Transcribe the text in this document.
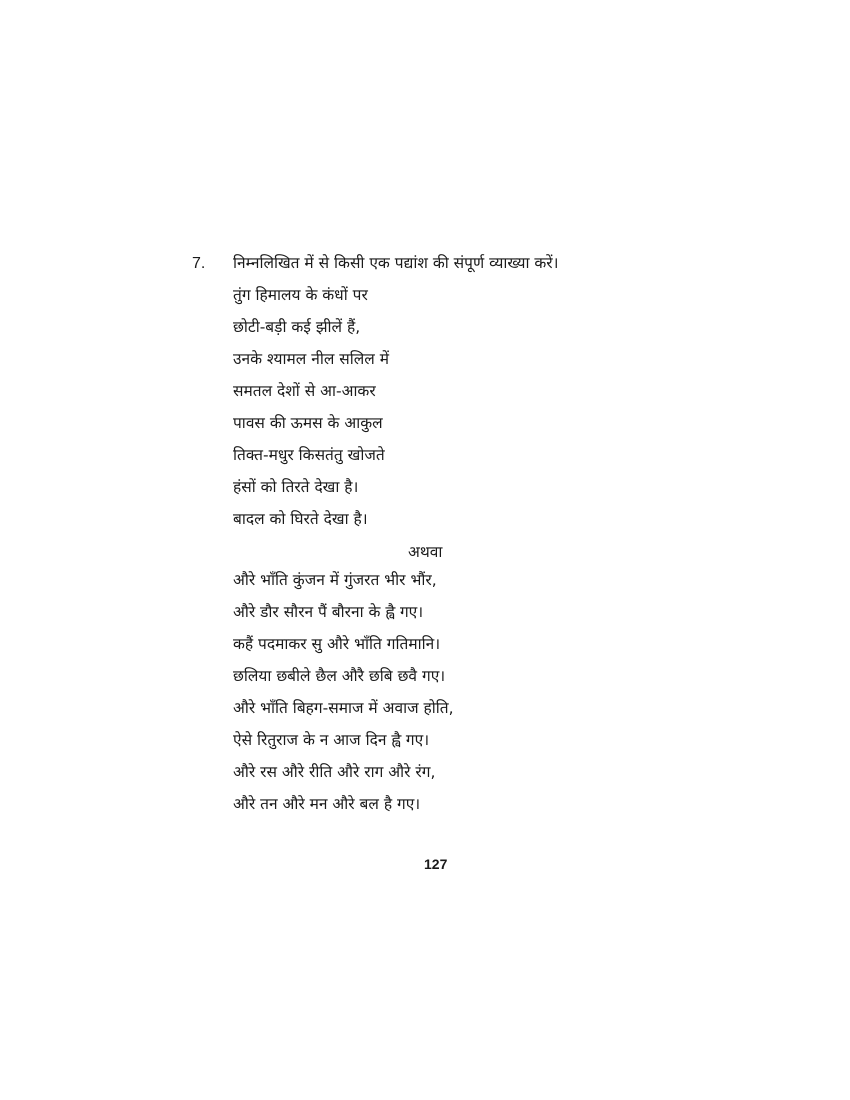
7. निम्नलिखित में से किसी एक पद्यांश की संपूर्ण व्याख्या करें।
तुंग हिमालय के कंधों पर
छोटी-बड़ी कई झीलें हैं,
उनके श्यामल नील सलिल में
समतल देशों से आ-आकर
पावस की ऊमस के आकुल
तिक्त-मधुर किसतंतु खोजते
हंसों को तिरते देखा है।
बादल को घिरते देखा है।
अथवा
औरे भाँति कुंजन में गुंजरत भीर भौंर,
औरे डौर सौरन पैं बौरना के ह्वै गए।
कहैं पदमाकर सु औरे भाँति गतिमानि।
छलिया छबीले छैल औरै छबि छवै गए।
औरे भाँति बिहग-समाज में अवाज होति,
ऐसे रितुराज के न आज दिन ह्वै गए।
औरे रस औरे रीति औरे राग औरे रंग,
औरे तन औरे मन औरे बल है गए।
127
